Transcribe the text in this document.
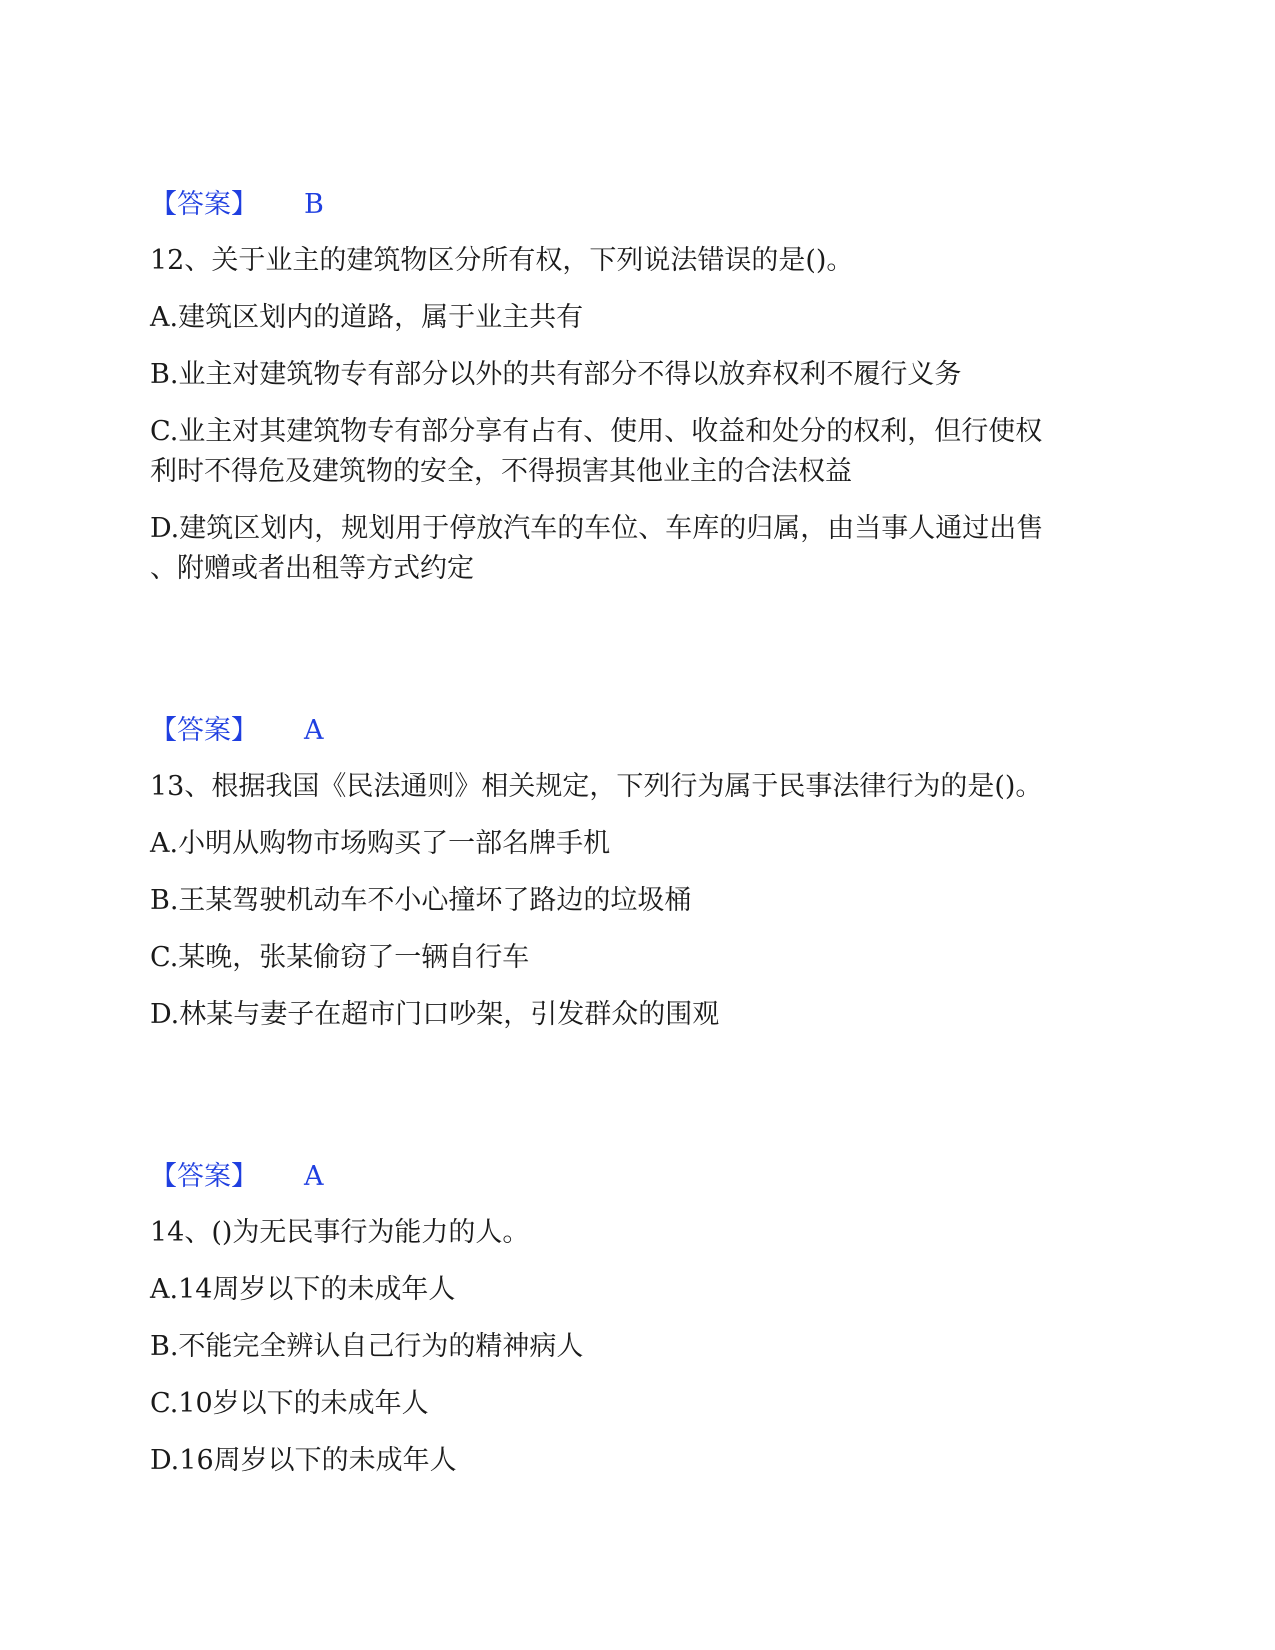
【答案】 B
12、关于业主的建筑物区分所有权，下列说法错误的是()。
A.建筑区划内的道路，属于业主共有
B.业主对建筑物专有部分以外的共有部分不得以放弃权利不履行义务
C.业主对其建筑物专有部分享有占有、使用、收益和处分的权利，但行使权
利时不得危及建筑物的安全，不得损害其他业主的合法权益
D.建筑区划内，规划用于停放汽车的车位、车库的归属，由当事人通过出售
、附赠或者出租等方式约定
【答案】 A
13、根据我国《民法通则》相关规定，下列行为属于民事法律行为的是()。
A.小明从购物市场购买了一部名牌手机
B.王某驾驶机动车不小心撞坏了路边的垃圾桶
C.某晚，张某偷窃了一辆自行车
D.林某与妻子在超市门口吵架，引发群众的围观
【答案】 A
14、()为无民事行为能力的人。
A.14周岁以下的未成年人
B.不能完全辨认自己行为的精神病人
C.10岁以下的未成年人
D.16周岁以下的未成年人
